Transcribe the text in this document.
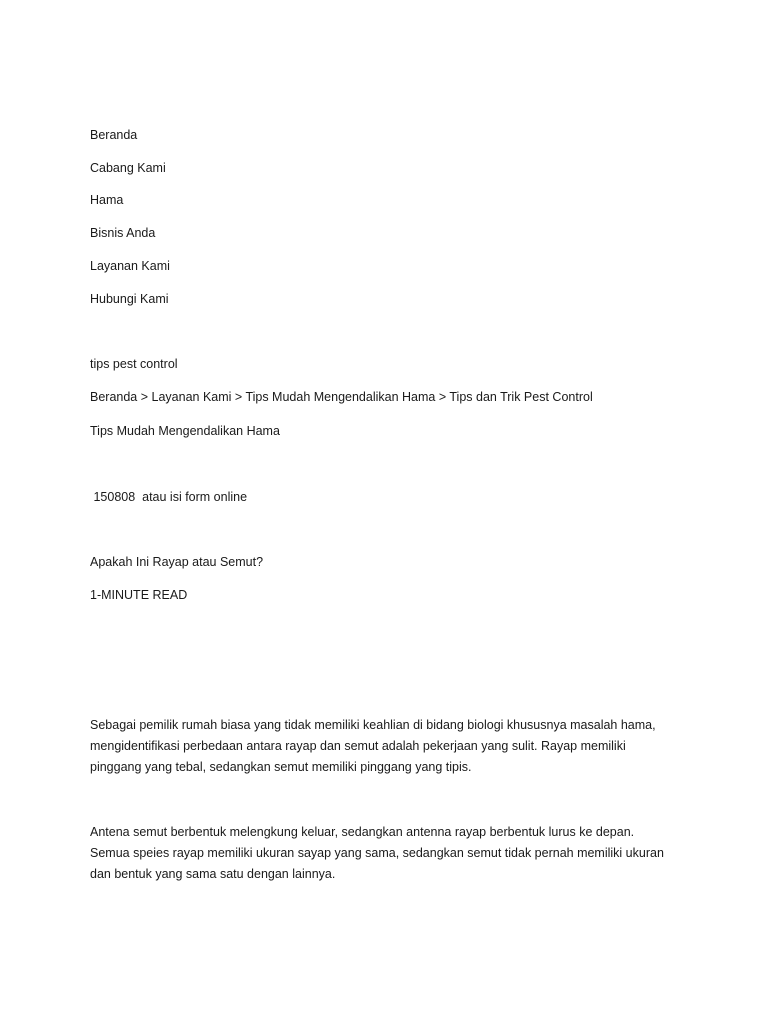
Beranda
Cabang Kami
Hama
Bisnis Anda
Layanan Kami
Hubungi Kami
tips pest control
Beranda > Layanan Kami > Tips Mudah Mengendalikan Hama > Tips dan Trik Pest Control
Tips Mudah Mengendalikan Hama
150808  atau isi form online
Apakah Ini Rayap atau Semut?
1-MINUTE READ
Sebagai pemilik rumah biasa yang tidak memiliki keahlian di bidang biologi khususnya masalah hama,
mengidentifikasi perbedaan antara rayap dan semut adalah pekerjaan yang sulit. Rayap memiliki
pinggang yang tebal, sedangkan semut memiliki pinggang yang tipis.
Antena semut berbentuk melengkung keluar, sedangkan antenna rayap berbentuk lurus ke depan.
Semua speies rayap memiliki ukuran sayap yang sama, sedangkan semut tidak pernah memiliki ukuran
dan bentuk yang sama satu dengan lainnya.
